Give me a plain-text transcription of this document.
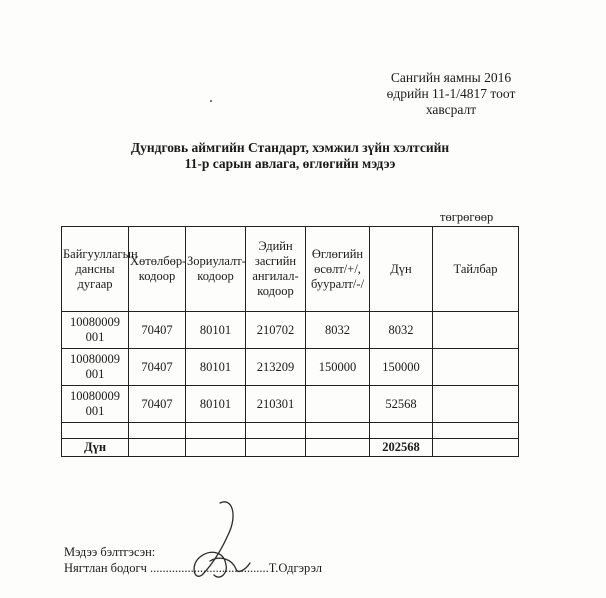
Сангийн яамны 2016
өдрийн 11-1/4817 тоот
хавсралт
Дундговь аймгийн Стандарт, хэмжил зүйн хэлтсийн
11-р сарын авлага, өглөгийн мэдээ
төгрөгөөр
Байгууллагын дансны дугаар	Хөтөлбөр- кодоор	Зориулалт- кодоор	Эдийн засгийн ангилал- кодоор	Өглөгийн өсөлт/+/, бууралт/-/	Дүн	Тайлбар
10080009 001	70407	80101	210702	8032	8032	
10080009 001	70407	80101	213209	150000	150000	
10080009 001	70407	80101	210301		52568	

Дүн					202568	
Мэдээ бэлтгэсэн:
Нягтлан бодогч ......................................Т.Одгэрэл
